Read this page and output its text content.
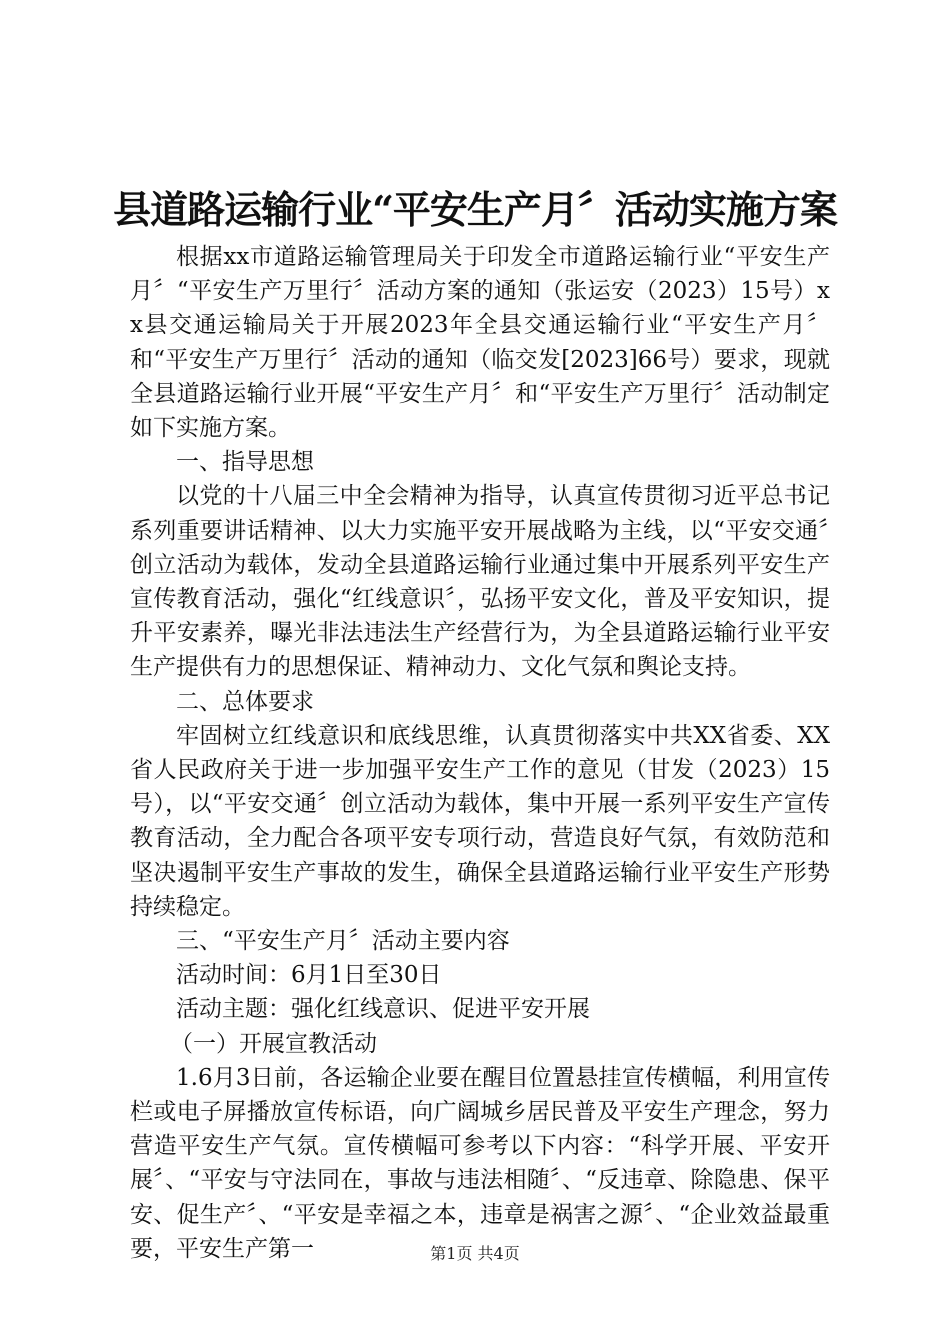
县道路运输行业“平安生产月〞活动实施方案

根据xx市道路运输管理局关于印发全市道路运输行业“平安生产月〞“平安生产万里行〞活动方案的通知（张运安（2023）15号）xx县交通运输局关于开展2023年全县交通运输行业“平安生产月〞和“平安生产万里行〞活动的通知（临交发[2023]66号）要求，现就全县道路运输行业开展“平安生产月〞和“平安生产万里行〞活动制定如下实施方案。

一、指导思想

以党的十八届三中全会精神为指导，认真宣传贯彻习近平总书记系列重要讲话精神、以大力实施平安开展战略为主线，以“平安交通〞创立活动为载体，发动全县道路运输行业通过集中开展系列平安生产宣传教育活动，强化“红线意识〞，弘扬平安文化，普及平安知识，提升平安素养，曝光非法违法生产经营行为，为全县道路运输行业平安生产提供有力的思想保证、精神动力、文化气氛和舆论支持。

二、总体要求

牢固树立红线意识和底线思维，认真贯彻落实中共XX省委、XX省人民政府关于进一步加强平安生产工作的意见（甘发（2023）15号），以“平安交通〞创立活动为载体，集中开展一系列平安生产宣传教育活动，全力配合各项平安专项行动，营造良好气氛，有效防范和坚决遏制平安生产事故的发生，确保全县道路运输行业平安生产形势持续稳定。

三、“平安生产月〞活动主要内容

活动时间：6月1日至30日

活动主题：强化红线意识、促进平安开展

（一）开展宣教活动

1.6月3日前，各运输企业要在醒目位置悬挂宣传横幅，利用宣传栏或电子屏播放宣传标语，向广阔城乡居民普及平安生产理念，努力营造平安生产气氛。宣传横幅可参考以下内容：“科学开展、平安开展〞、“平安与守法同在，事故与违法相随〞、“反违章、除隐患、保平安、促生产〞、“平安是幸福之本，违章是祸害之源〞、“企业效益最重要，平安生产第一	第1页 共4页
